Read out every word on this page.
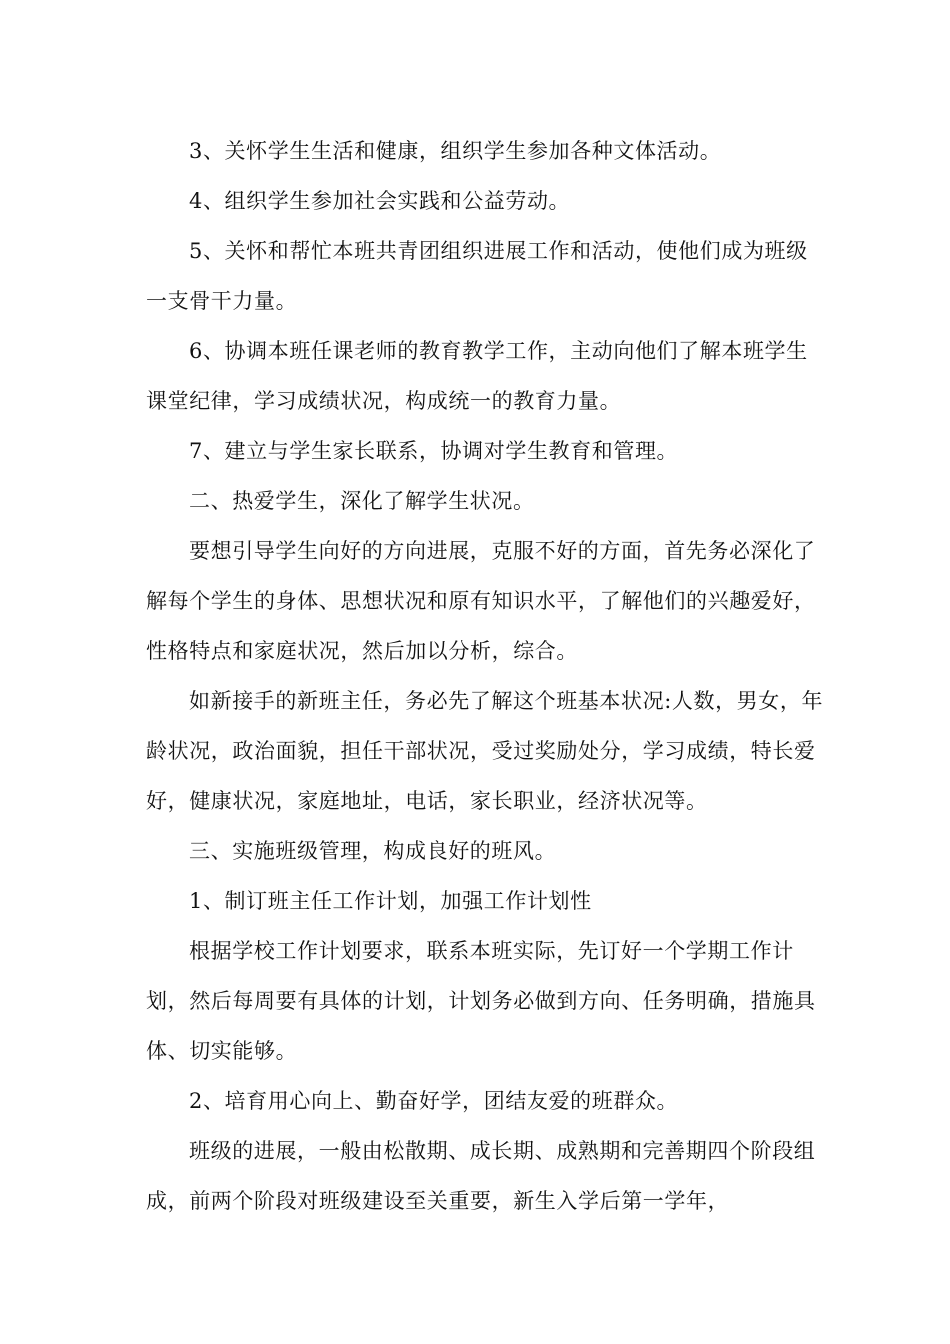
3、关怀学生生活和健康，组织学生参加各种文体活动。

4、组织学生参加社会实践和公益劳动。

5、关怀和帮忙本班共青团组织进展工作和活动，使他们成为班级一支骨干力量。

6、协调本班任课老师的教育教学工作，主动向他们了解本班学生课堂纪律，学习成绩状况，构成统一的教育力量。

7、建立与学生家长联系，协调对学生教育和管理。

二、热爱学生，深化了解学生状况。

要想引导学生向好的方向进展，克服不好的方面，首先务必深化了解每个学生的身体、思想状况和原有知识水平，了解他们的兴趣爱好，性格特点和家庭状况，然后加以分析，综合。

如新接手的新班主任，务必先了解这个班基本状况:人数，男女，年龄状况，政治面貌，担任干部状况，受过奖励处分，学习成绩，特长爱好，健康状况，家庭地址，电话，家长职业，经济状况等。

三、实施班级管理，构成良好的班风。

1、制订班主任工作计划，加强工作计划性

根据学校工作计划要求，联系本班实际，先订好一个学期工作计划，然后每周要有具体的计划，计划务必做到方向、任务明确，措施具体、切实能够。

2、培育用心向上、勤奋好学，团结友爱的班群众。

班级的进展，一般由松散期、成长期、成熟期和完善期四个阶段组成，前两个阶段对班级建设至关重要，新生入学后第一学年，
